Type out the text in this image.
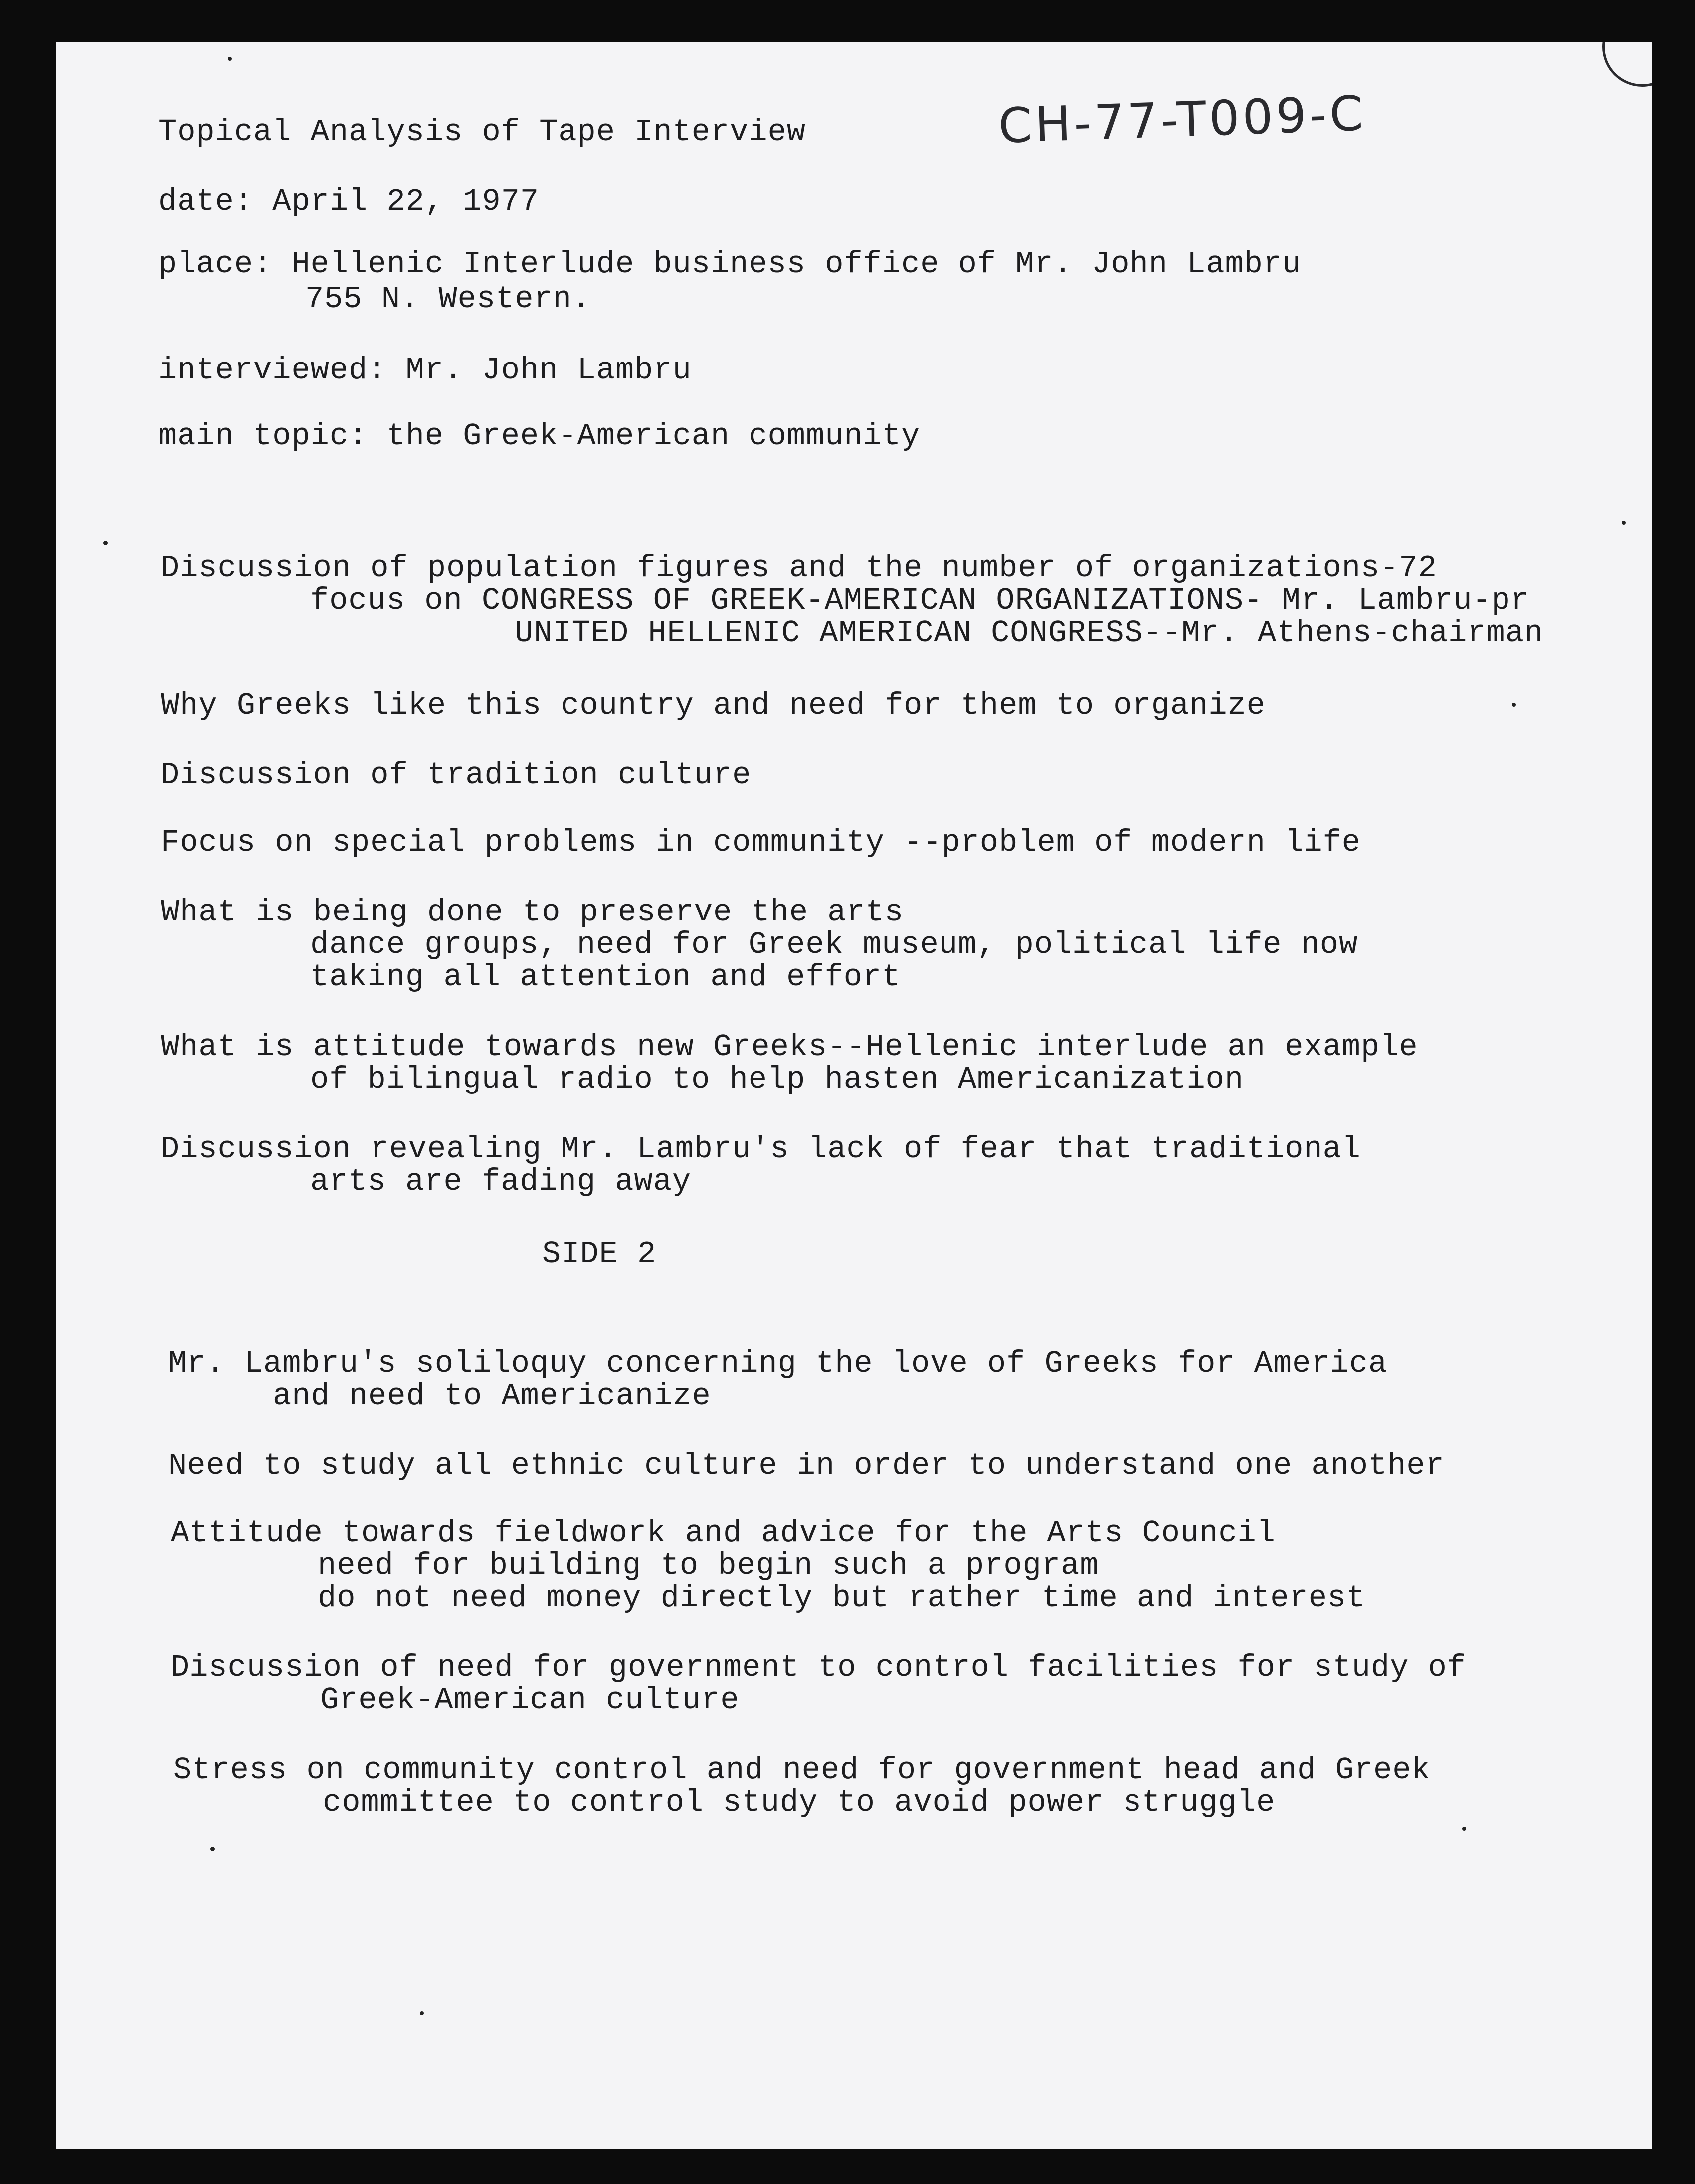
CH-77-T009-C
Topical Analysis of Tape Interview
date: April 22, 1977
place: Hellenic Interlude business office of Mr. John Lambru
755 N. Western.
interviewed: Mr. John Lambru
main topic: the Greek-American community
Discussion of population figures and the number of organizations-72
focus on CONGRESS OF GREEK-AMERICAN ORGANIZATIONS- Mr. Lambru-pr
UNITED HELLENIC AMERICAN CONGRESS--Mr. Athens-chairman
Why Greeks like this country and need for them to organize
Discussion of tradition culture
Focus on special problems in community --problem of modern life
What is being done to preserve the arts
dance groups, need for Greek museum, political life now
taking all attention and effort
What is attitude towards new Greeks--Hellenic interlude an example
of bilingual radio to help hasten Americanization
Discussion revealing Mr. Lambru's lack of fear that traditional
arts are fading away
SIDE 2
Mr. Lambru's soliloquy concerning the love of Greeks for America
and need to Americanize
Need to study all ethnic culture in order to understand one another
Attitude towards fieldwork and advice for the Arts Council
need for building to begin such a program
do not need money directly but rather time and interest
Discussion of need for government to control facilities for study of
Greek-American culture
Stress on community control and need for government head and Greek
committee to control study to avoid power struggle
